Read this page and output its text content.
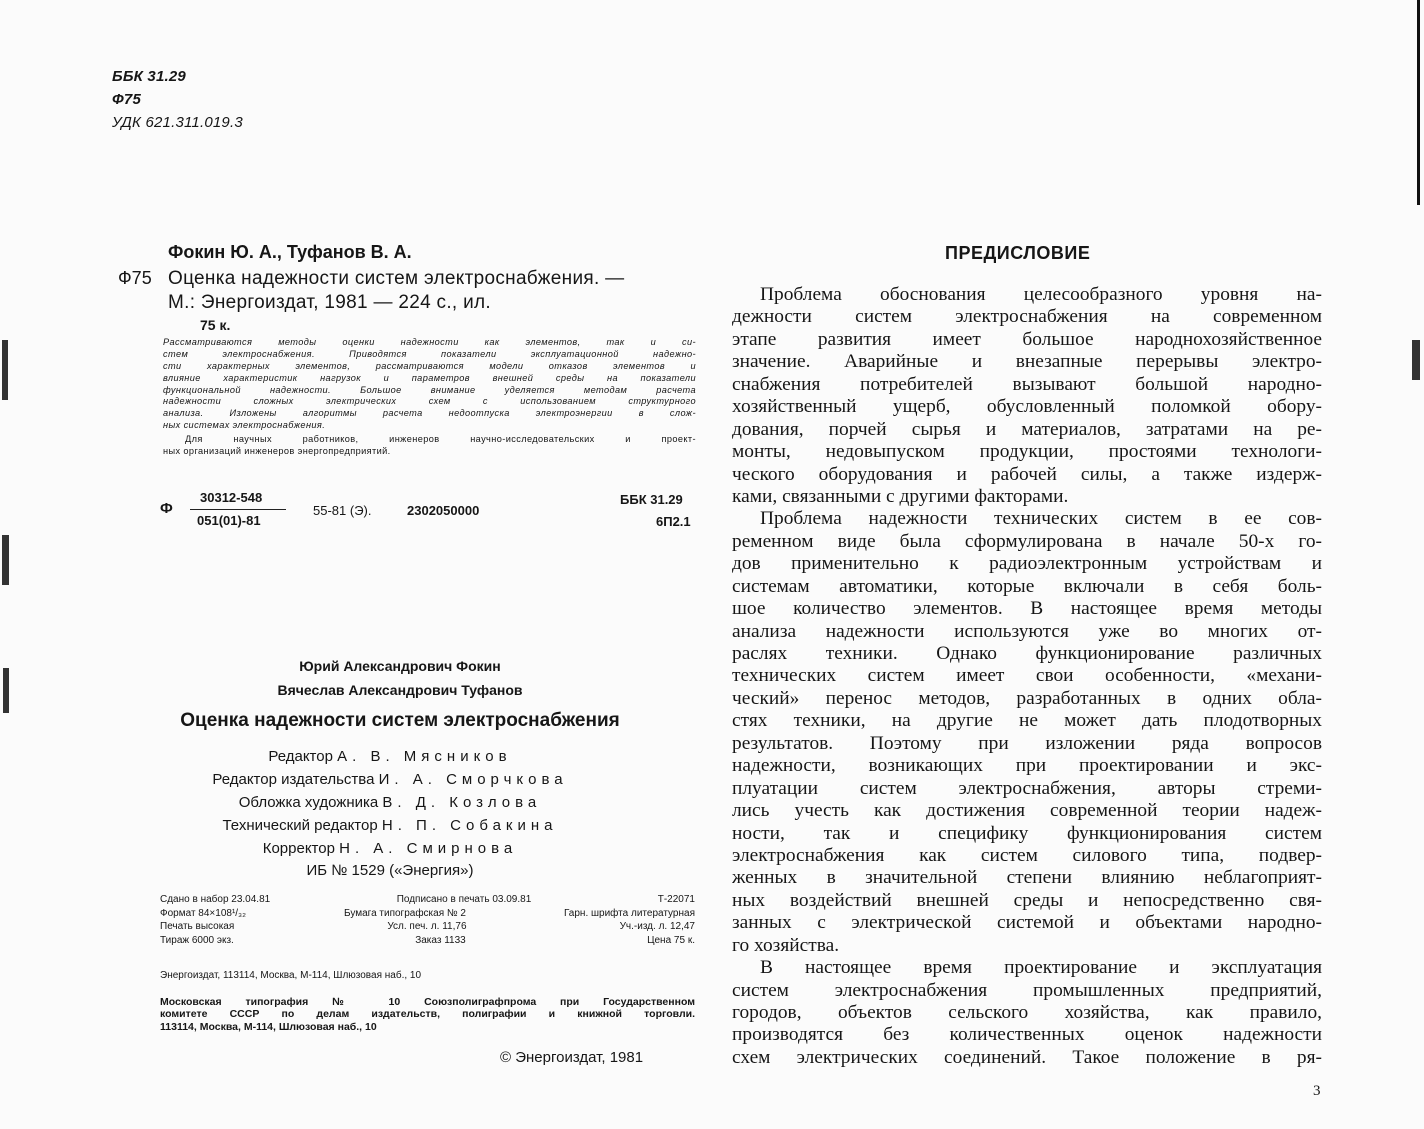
ББК 31.29
Ф75
УДК 621.311.019.3
Фокин Ю. А., Туфанов В. А.
Ф75 Оценка надежности систем электроснабжения. —
М.: Энергоиздат, 1981 — 224 с., ил.
75 к.
Рассматриваются методы оценки надежности как элементов, так и си-
стем электроснабжения. Приводятся показатели эксплуатационной надежно-
сти характерных элементов, рассматриваются модели отказов элементов и
влияние характеристик нагрузок и параметров внешней среды на показатели
функциональной надежности. Большое внимание уделяется методам расчета
надежности сложных электрических схем с использованием структурного
анализа. Изложены алгоритмы расчета недоотпуска электроэнергии в слож-
ных системах электроснабжения.
Для научных работников, инженеров научно-исследовательских и проект-
ных организаций инженеров энергопредприятий.
Ф
30312-548
051(01)-81
55-81 (Э).	2302050000
ББК 31.29
6П2.1
Юрий Александрович Фокин
Вячеслав Александрович Туфанов
Оценка надежности систем электроснабжения
Редактор А. В. Мясников
Редактор издательства И. А. Сморчкова
Обложка художника В. Д. Козлова
Технический редактор Н. П. Собакина
Корректор Н. А. Смирнова
ИБ № 1529 («Энергия»)
Сдано в набор 23.04.81	Подписано в печать 03.09.81	Т-22071
Формат 84×108¹/₃₂	Бумага типографская № 2	Гарн. шрифта литературная
Печать высокая	Усл. печ. л. 11,76	Уч.-изд. л. 12,47
Тираж 6000 экз.	Заказ 1133	Цена 75 к.
Энергоиздат, 113114, Москва, М-114, Шлюзовая наб., 10
Московская типография № 10 Союзполиграфпрома при Государственном
комитете СССР по делам издательств, полиграфии и книжной торговли.
113114, Москва, М-114, Шлюзовая наб., 10
© Энергоиздат, 1981
ПРЕДИСЛОВИЕ
Проблема обоснования целесообразного уровня на-
дежности систем электроснабжения на современном
этапе развития имеет большое народнохозяйственное
значение. Аварийные и внезапные перерывы электро-
снабжения потребителей вызывают большой народно-
хозяйственный ущерб, обусловленный поломкой обору-
дования, порчей сырья и материалов, затратами на ре-
монты, недовыпуском продукции, простоями технологи-
ческого оборудования и рабочей силы, а также издерж-
ками, связанными с другими факторами.
Проблема надежности технических систем в ее сов-
ременном виде была сформулирована в начале 50-х го-
дов применительно к радиоэлектронным устройствам и
системам автоматики, которые включали в себя боль-
шое количество элементов. В настоящее время методы
анализа надежности используются уже во многих от-
раслях техники. Однако функционирование различных
технических систем имеет свои особенности, «механи-
ческий» перенос методов, разработанных в одних обла-
стях техники, на другие не может дать плодотворных
результатов. Поэтому при изложении ряда вопросов
надежности, возникающих при проектировании и экс-
плуатации систем электроснабжения, авторы стреми-
лись учесть как достижения современной теории надеж-
ности, так и специфику функционирования систем
электроснабжения как систем силового типа, подвер-
женных в значительной степени влиянию неблагоприят-
ных воздействий внешней среды и непосредственно свя-
занных с электрической системой и объектами народно-
го хозяйства.
В настоящее время проектирование и эксплуатация
систем электроснабжения промышленных предприятий,
городов, объектов сельского хозяйства, как правило,
производятся без количественных оценок надежности
схем электрических соединений. Такое положение в ря-
3
